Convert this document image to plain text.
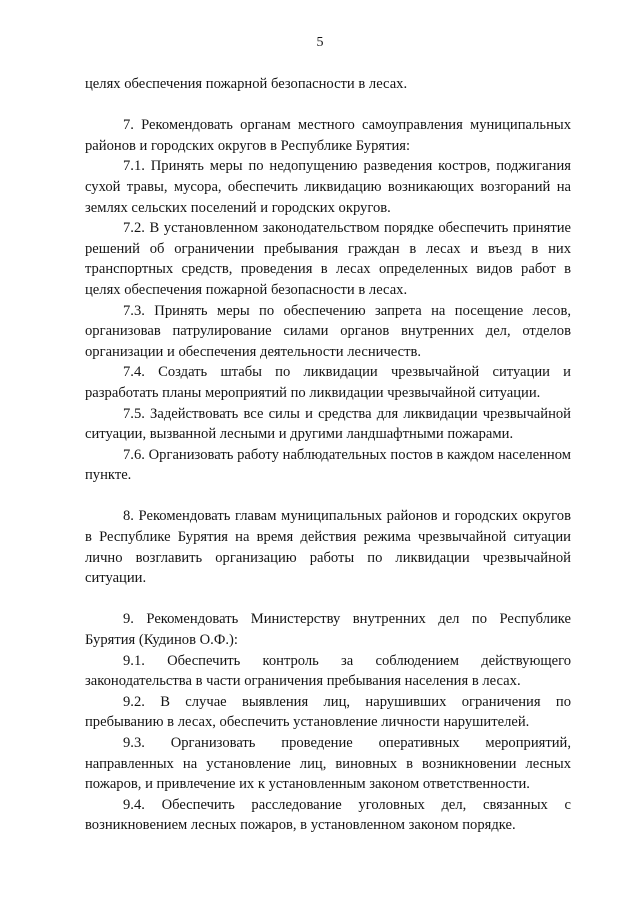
5

целях обеспечения пожарной безопасности в лесах.

7. Рекомендовать органам местного самоуправления муниципальных районов и городских округов в Республике Бурятия:

7.1. Принять меры по недопущению разведения костров, поджигания сухой травы, мусора, обеспечить ликвидацию возникающих возгораний на землях сельских поселений и городских округов.

7.2. В установленном законодательством порядке обеспечить принятие решений об ограничении пребывания граждан в лесах и въезд в них транспортных средств, проведения в лесах определенных видов работ в целях обеспечения пожарной безопасности в лесах.

7.3. Принять меры по обеспечению запрета на посещение лесов, организовав патрулирование силами органов внутренних дел, отделов организации и обеспечения деятельности лесничеств.

7.4. Создать штабы по ликвидации чрезвычайной ситуации и разработать планы мероприятий по ликвидации чрезвычайной ситуации.

7.5. Задействовать все силы и средства для ликвидации чрезвычайной ситуации, вызванной лесными и другими ландшафтными пожарами.

7.6. Организовать работу наблюдательных постов в каждом населенном пункте.

8. Рекомендовать главам муниципальных районов и городских округов в Республике Бурятия на время действия режима чрезвычайной ситуации лично возглавить организацию работы по ликвидации чрезвычайной ситуации.

9. Рекомендовать Министерству внутренних дел по Республике Бурятия (Кудинов О.Ф.):

9.1. Обеспечить контроль за соблюдением действующего законодательства в части ограничения пребывания населения в лесах.

9.2. В случае выявления лиц, нарушивших ограничения по пребыванию в лесах, обеспечить установление личности нарушителей.

9.3. Организовать проведение оперативных мероприятий, направленных на установление лиц, виновных в возникновении лесных пожаров, и привлечение их к установленным законом ответственности.

9.4. Обеспечить расследование уголовных дел, связанных с возникновением лесных пожаров, в установленном законом порядке.
